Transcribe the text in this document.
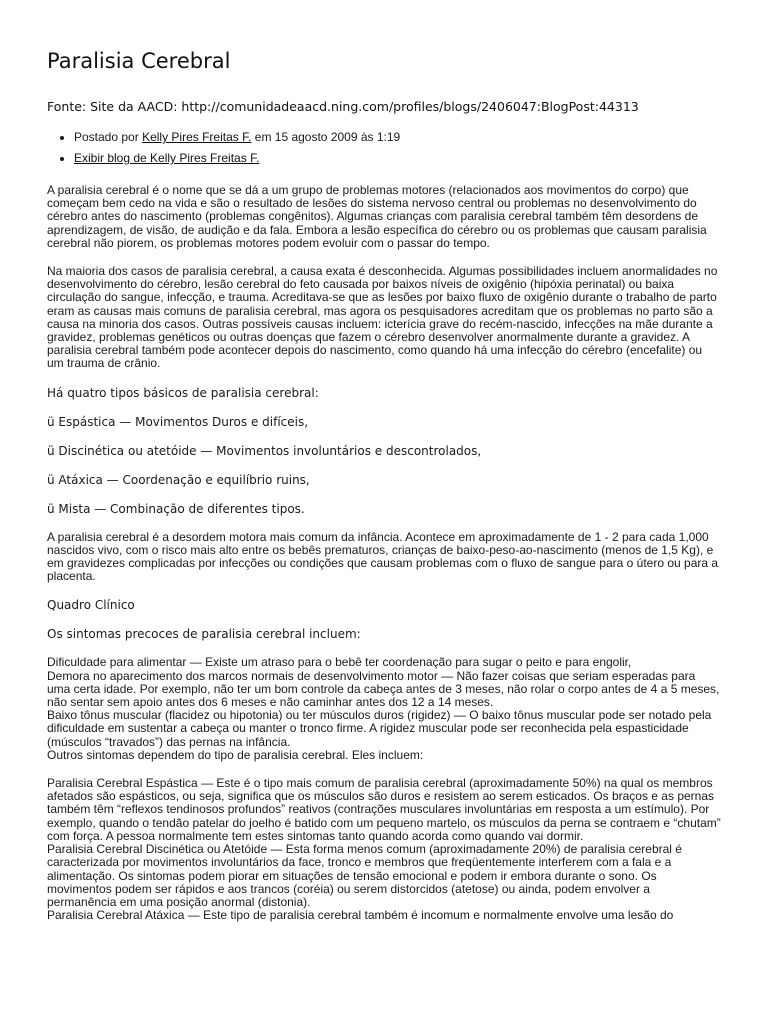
Paralisia Cerebral
Fonte: Site da AACD: http://comunidadeaacd.ning.com/profiles/blogs/2406047:BlogPost:44313
• Postado por Kelly Pires Freitas F. em 15 agosto 2009 às 1:19
• Exibir blog de Kelly Pires Freitas F.
A paralisia cerebral é o nome que se dá a um grupo de problemas motores (relacionados aos movimentos do corpo) que começam bem cedo na vida e são o resultado de lesões do sistema nervoso central ou problemas no desenvolvimento do cérebro antes do nascimento (problemas congênitos). Algumas crianças com paralisia cerebral também têm desordens de aprendizagem, de visão, de audição e da fala. Embora a lesão específica do cérebro ou os problemas que causam paralisia cerebral não piorem, os problemas motores podem evoluir com o passar do tempo.
Na maioria dos casos de paralisia cerebral, a causa exata é desconhecida. Algumas possibilidades incluem anormalidades no desenvolvimento do cérebro, lesão cerebral do feto causada por baixos níveis de oxigênio (hipóxia perinatal) ou baixa circulação do sangue, infecção, e trauma. Acreditava-se que as lesões por baixo fluxo de oxigênio durante o trabalho de parto eram as causas mais comuns de paralisia cerebral, mas agora os pesquisadores acreditam que os problemas no parto são a causa na minoria dos casos. Outras possíveis causas incluem: icterícia grave do recém-nascido, infecções na mãe durante a gravidez, problemas genéticos ou outras doenças que fazem o cérebro desenvolver anormalmente durante a gravidez. A paralisia cerebral também pode acontecer depois do nascimento, como quando há uma infecção do cérebro (encefalite) ou um trauma de crânio.
Há quatro tipos básicos de paralisia cerebral:
ü Espástica — Movimentos Duros e difíceis,
ü Discinética ou atetóide — Movimentos involuntários e descontrolados,
ü Atáxica — Coordenação e equilíbrio ruins,
ü Mista — Combinação de diferentes tipos.
A paralisia cerebral é a desordem motora mais comum da infância. Acontece em aproximadamente de 1 - 2 para cada 1,000 nascidos vivo, com o risco mais alto entre os bebês prematuros, crianças de baixo-peso-ao-nascimento (menos de 1,5 Kg), e em gravidezes complicadas por infecções ou condições que causam problemas com o fluxo de sangue para o útero ou para a placenta.
Quadro Clínico
Os sintomas precoces de paralisia cerebral incluem:
Dificuldade para alimentar — Existe um atraso para o bebê ter coordenação para sugar o peito e para engolir,
Demora no aparecimento dos marcos normais de desenvolvimento motor — Não fazer coisas que seriam esperadas para uma certa idade. Por exemplo, não ter um bom controle da cabeça antes de 3 meses, não rolar o corpo antes de 4 a 5 meses, não sentar sem apoio antes dos 6 meses e não caminhar antes dos 12 a 14 meses.
Baixo tônus muscular (flacidez ou hipotonia) ou ter músculos duros (rigidez) — O baixo tônus muscular pode ser notado pela dificuldade em sustentar a cabeça ou manter o tronco firme. A rigidez muscular pode ser reconhecida pela espasticidade (músculos “travados”) das pernas na infância.
Outros sintomas dependem do tipo de paralisia cerebral. Eles incluem:
Paralisia Cerebral Espástica — Este é o tipo mais comum de paralisia cerebral (aproximadamente 50%) na qual os membros afetados são espásticos, ou seja, significa que os músculos são duros e resistem ao serem esticados. Os braços e as pernas também têm “reflexos tendinosos profundos” reativos (contrações musculares involuntárias em resposta a um estímulo). Por exemplo, quando o tendão patelar do joelho é batido com um pequeno martelo, os músculos da perna se contraem e “chutam” com força. A pessoa normalmente tem estes sintomas tanto quando acorda como quando vai dormir.
Paralisia Cerebral Discinética ou Atetóide — Esta forma menos comum (aproximadamente 20%) de paralisia cerebral é caracterizada por movimentos involuntários da face, tronco e membros que freqüentemente interferem com a fala e a alimentação. Os sintomas podem piorar em situações de tensão emocional e podem ir embora durante o sono. Os movimentos podem ser rápidos e aos trancos (coréia) ou serem distorcidos (atetose) ou ainda, podem envolver a permanência em uma posição anormal (distonia).
Paralisia Cerebral Atáxica — Este tipo de paralisia cerebral também é incomum e normalmente envolve uma lesão do
